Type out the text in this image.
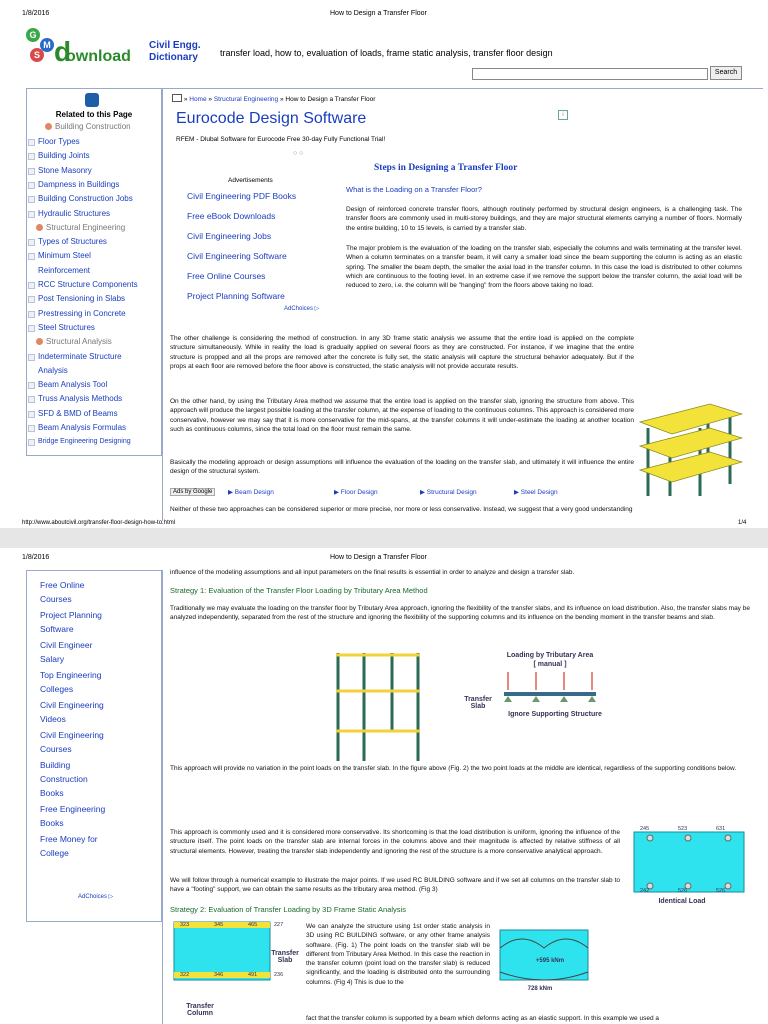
1/8/2016	How to Design a Transfer Floor
G
M
S d
ownload
Civil Engg.
Dictionary	transfer load, how to, evaluation of loads, frame static analysis, transfer floor design
Search
Related to this Page
Building Construction
Floor Types
Building Joints
Stone Masonry
Dampness in Buildings
Building Construction Jobs
Hydraulic Structures
Structural Engineering
Types of Structures
Minimum Steel
Reinforcement
RCC Structure Components
Post Tensioning in Slabs
Prestressing in Concrete
Steel Structures
Structural Analysis
Indeterminate Structure
Analysis
Beam Analysis Tool
Truss Analysis Methods
SFD & BMD of Beams
Beam Analysis Formulas
Bridge Engineering Designing
» Home » Structural Engineering » How to Design a Transfer Floor
Eurocode Design Software	i
RFEM - Dlubal Software for Eurocode Free 30-day Fully Functional Trial!
○ ○
Advertisements
Civil Engineering PDF Books
Free eBook Downloads
Civil Engineering Jobs
Civil Engineering Software
Free Online Courses
Project Planning Software
AdChoices ▷
Steps in Designing a Transfer Floor
What is the Loading on a Transfer Floor?
Design of reinforced concrete transfer floors, although routinely performed by structural design engineers, is a challenging task. The transfer floors are commonly used in multi-storey buildings, and they are major structural elements carrying a number of floors. Normally the entire building, 10 to 15 levels, is carried by a transfer slab.
The major problem is the evaluation of the loading on the transfer slab, especially the columns and walls terminating at the transfer level. When a column terminates on a transfer beam, it will carry a smaller load since the beam supporting the column is acting as an elastic spring. The smaller the beam depth, the smaller the axial load in the transfer column. In this case the load is distributed to other columns which are continuous to the footing level. In an extreme case if we remove the support below the transfer column, the axial load will be reduced to zero, i.e. the column will be "hanging" from the floors above taking no load.
The other challenge is considering the method of construction. In any 3D frame static analysis we assume that the entire load is applied on the complete structure simultaneously. While in reality the load is gradually applied on several floors as they are constructed. For instance, if we imagine that the entire structure is propped and all the props are removed after the concrete is fully set, the static analysis will capture the structural behavior adequately. But if the props at each floor are removed before the floor above is constructed, the static analysis will not provide accurate results.
On the other hand, by using the Tributary Area method we assume that the entire load is applied on the transfer slab, ignoring the structure from above. This approach will produce the largest possible loading at the transfer column, at the expense of loading to the continuous columns. This approach is considered more conservative, however we may say that it is more conservative for the mid-spans, at the transfer columns it will under-estimate the loading at another location such as continuous columns, since the total load on the floor must remain the same.
Basically the modeling approach or design assumptions will influence the evaluation of the loading on the transfer slab, and ultimately it will influence the entire design of the structural system.
Ads by Google	▶ Beam Design	▶ Floor Design	▶ Structural Design	▶ Steel Design
Neither of these two approaches can be considered superior or more precise, nor more or less conservative. Instead, we suggest that a very good understanding
http://www.aboutcivil.org/transfer-floor-design-how-to.html	1/4
1/8/2016	How to Design a Transfer Floor
Free Online
Courses
Project Planning
Software
Civil Engineer
Salary
Top Engineering
Colleges
Civil Engineering
Videos
Civil Engineering
Courses
Building
Construction
Books
Free Engineering
Books
Free Money for
College
AdChoices ▷
influence of the modeling assumptions and all input parameters on the final results is essential in order to analyze and design a transfer slab.
Strategy 1: Evaluation of the Transfer Floor Loading by Tributary Area Method
Traditionally we may evaluate the loading on the transfer floor by Tributary Area approach, ignoring the flexibility of the transfer slabs, and its influence on load distribution. Also, the transfer slabs may be analyzed independently, separated from the rest of the structure and ignoring the flexibility of the supporting columns and its influence on the bending moment in the transfer beams and slab.
Transfer Slab
Loading by Tributary Area
[ manual ]
Ignore Supporting Structure
This approach will provide no variation in the point loads on the transfer slab. In the figure above (Fig. 2) the two point loads at the middle are identical, regardless of the supporting conditions below.
This approach is commonly used and it is considered more conservative. Its shortcoming is that the load distribution is uniform, ignoring the influence of the structure itself. The point loads on the transfer slab are internal forces in the columns above and their magnitude is affected by relative stiffness of all structural elements. However, treating the transfer slab independently and ignoring the rest of the structure is a more conservative analytical approach.
245	523	631
242	526	526
Identical Load
We will follow through a numerical example to illustrate the major points. If we used RC BUILDING software and if we set all columns on the transfer slab to have a "footing" support, we can obtain the same results as the tributary area method. (Fig 3)
Strategy 2: Evaluation of Transfer Loading by 3D Frame Static Analysis
323	345	465	227
322	346	491	236
Transfer Slab
Transfer Column
We can analyze the structure using 1st order static analysis in 3D using RC BUILDING software, or any other frame analysis software. (Fig. 1) The point loads on the transfer slab will be different from Tributary Area Method. In this case the reaction in the transfer column (point load on the transfer slab) is reduced significantly, and the loading is distributed onto the surrounding columns. (Fig 4) This is due to the
+595 kNm
728 kNm
fact that the transfer column is supported by a beam which deforms acting as an elastic support. In this example we used a
